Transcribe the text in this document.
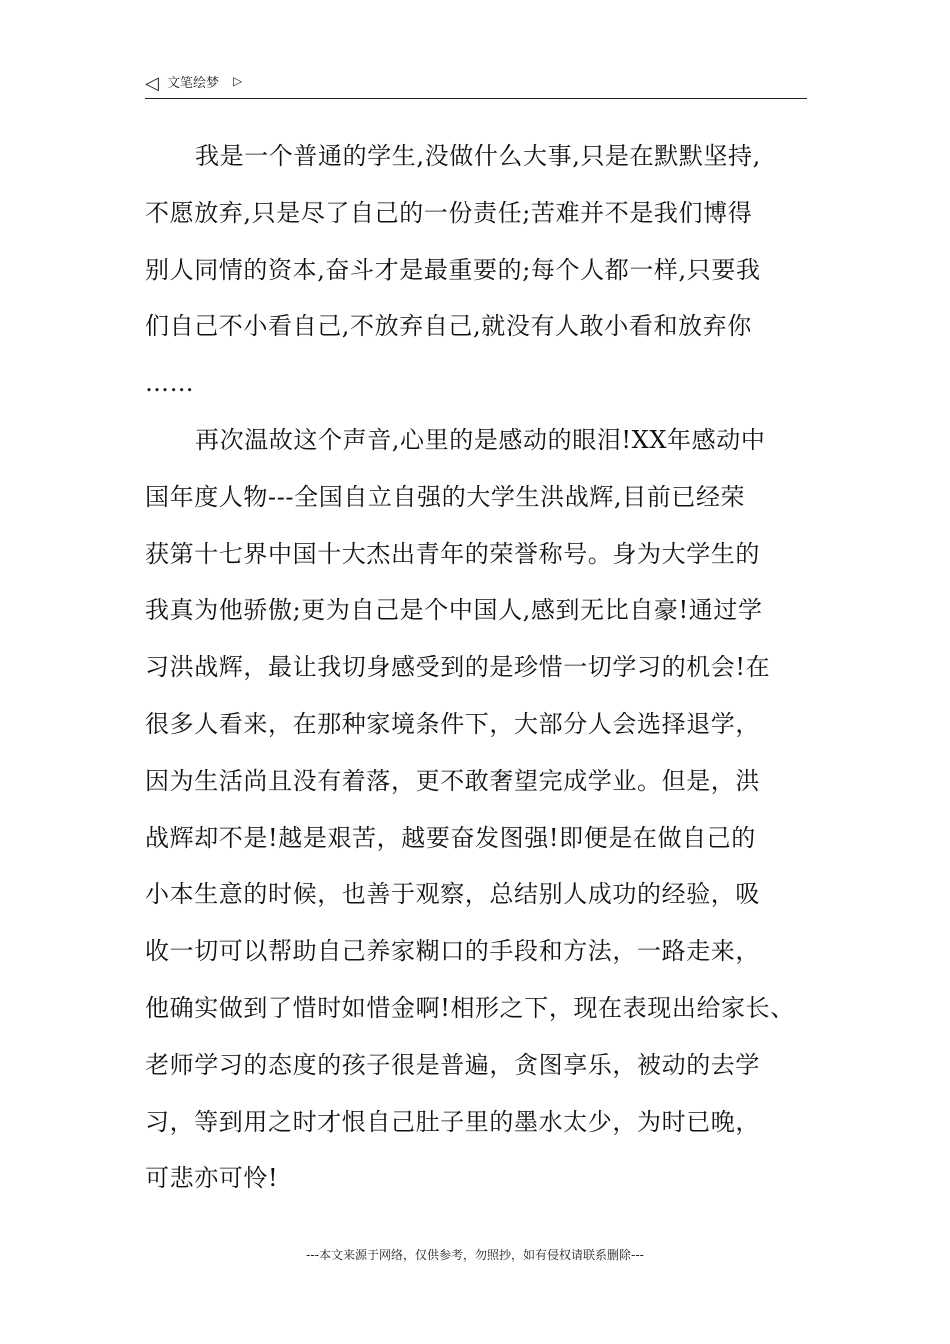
◁ 文笔绘梦 ▷
我是一个普通的学生,没做什么大事,只是在默默坚持,
不愿放弃,只是尽了自己的一份责任;苦难并不是我们博得
别人同情的资本,奋斗才是最重要的;每个人都一样,只要我
们自己不小看自己,不放弃自己,就没有人敢小看和放弃你
……
再次温故这个声音,心里的是感动的眼泪!XX年感动中
国年度人物---全国自立自强的大学生洪战辉,目前已经荣
获第十七界中国十大杰出青年的荣誉称号。身为大学生的
我真为他骄傲;更为自己是个中国人,感到无比自豪!通过学
习洪战辉，最让我切身感受到的是珍惜一切学习的机会!在
很多人看来，在那种家境条件下，大部分人会选择退学，
因为生活尚且没有着落，更不敢奢望完成学业。但是，洪
战辉却不是!越是艰苦，越要奋发图强!即便是在做自己的
小本生意的时候，也善于观察，总结别人成功的经验，吸
收一切可以帮助自己养家糊口的手段和方法，一路走来，
他确实做到了惜时如惜金啊!相形之下，现在表现出给家长、
老师学习的态度的孩子很是普遍，贪图享乐，被动的去学
习，等到用之时才恨自己肚子里的墨水太少，为时已晚，
可悲亦可怜!
---本文来源于网络，仅供参考，勿照抄，如有侵权请联系删除---
